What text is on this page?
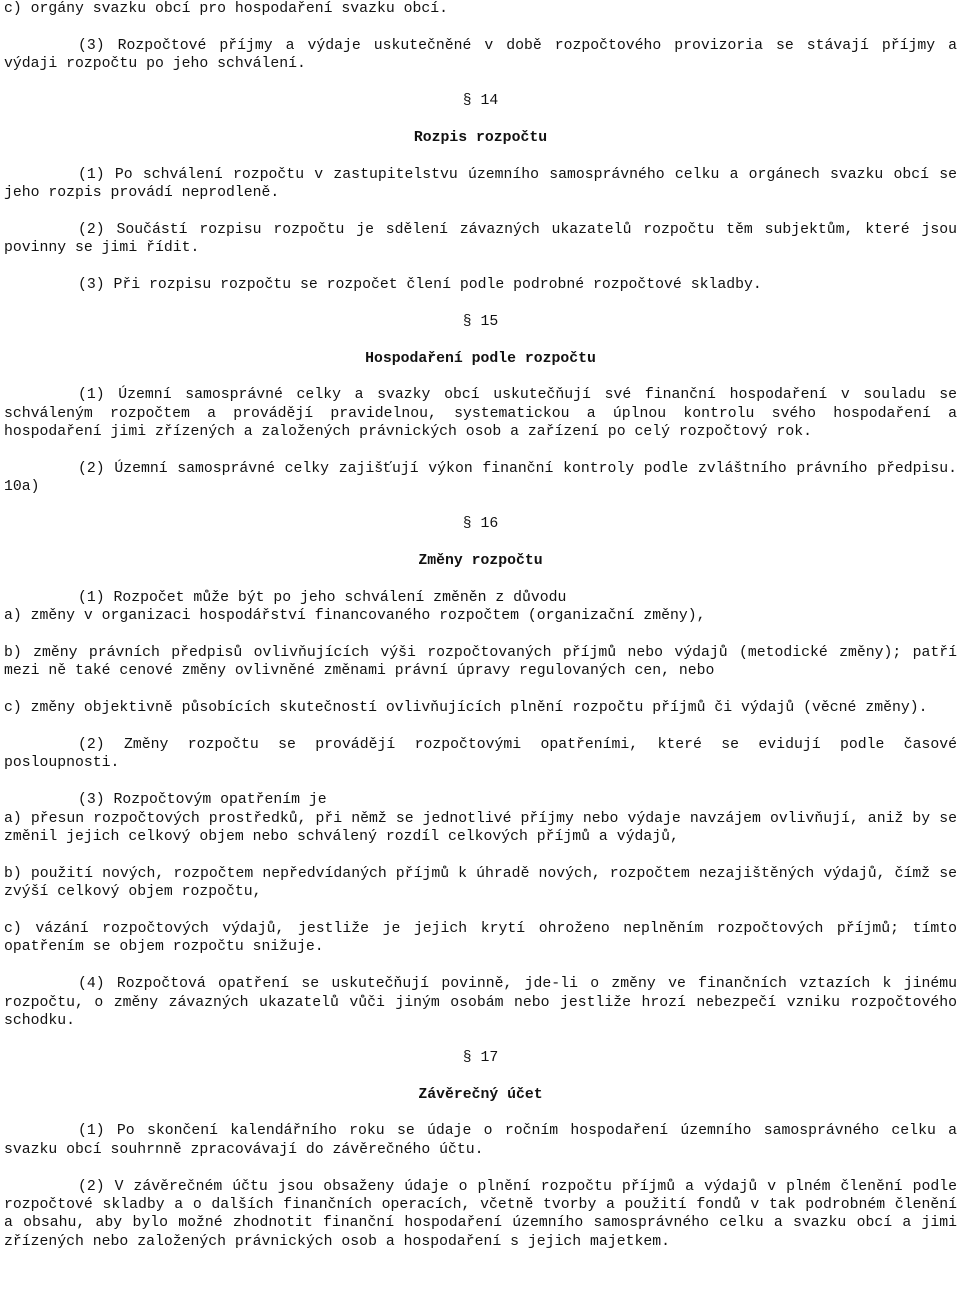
c) orgány svazku obcí pro hospodaření svazku obcí.

(3) Rozpočtové příjmy a výdaje uskutečněné v době rozpočtového provizoria se stávají příjmy a výdaji rozpočtu po jeho schválení.

§ 14

Rozpis rozpočtu

(1) Po schválení rozpočtu v zastupitelstvu územního samosprávného celku a orgánech svazku obcí se jeho rozpis provádí neprodleně.

(2) Součástí rozpisu rozpočtu je sdělení závazných ukazatelů rozpočtu těm subjektům, které jsou povinny se jimi řídit.

(3) Při rozpisu rozpočtu se rozpočet člení podle podrobné rozpočtové skladby.

§ 15

Hospodaření podle rozpočtu

(1) Územní samosprávné celky a svazky obcí uskutečňují své finanční hospodaření v souladu se schváleným rozpočtem a provádějí pravidelnou, systematickou a úplnou kontrolu svého hospodaření a hospodaření jimi zřízených a založených právnických osob a zařízení po celý rozpočtový rok.

(2) Územní samosprávné celky zajišťují výkon finanční kontroly podle zvláštního právního předpisu. 10a)

§ 16

Změny rozpočtu

(1) Rozpočet může být po jeho schválení změněn z důvodu

a) změny v organizaci hospodářství financovaného rozpočtem (organizační změny),

b) změny právních předpisů ovlivňujících výši rozpočtovaných příjmů nebo výdajů (metodické změny); patří mezi ně také cenové změny ovlivněné změnami právní úpravy regulovaných cen, nebo

c) změny objektivně působících skutečností ovlivňujících plnění rozpočtu příjmů či výdajů (věcné změny).

(2) Změny rozpočtu se provádějí rozpočtovými opatřeními, které se evidují podle časové posloupnosti.

(3) Rozpočtovým opatřením je

a) přesun rozpočtových prostředků, při němž se jednotlivé příjmy nebo výdaje navzájem ovlivňují, aniž by se změnil jejich celkový objem nebo schválený rozdíl celkových příjmů a výdajů,

b) použití nových, rozpočtem nepředvídaných příjmů k úhradě nových, rozpočtem nezajištěných výdajů, čímž se zvýší celkový objem rozpočtu,

c) vázání rozpočtových výdajů, jestliže je jejich krytí ohroženo neplněním rozpočtových příjmů; tímto opatřením se objem rozpočtu snižuje.

(4) Rozpočtová opatření se uskutečňují povinně, jde-li o změny ve finančních vztazích k jinému rozpočtu, o změny závazných ukazatelů vůči jiným osobám nebo jestliže hrozí nebezpečí vzniku rozpočtového schodku.

§ 17

Závěrečný účet

(1) Po skončení kalendářního roku se údaje o ročním hospodaření územního samosprávného celku a svazku obcí souhrnně zpracovávají do závěrečného účtu.

(2) V závěrečném účtu jsou obsaženy údaje o plnění rozpočtu příjmů a výdajů v plném členění podle rozpočtové skladby a o dalších finančních operacích, včetně tvorby a použití fondů v tak podrobném členění a obsahu, aby bylo možné zhodnotit finanční hospodaření územního samosprávného celku a svazku obcí a jimi zřízených nebo založených právnických osob a hospodaření s jejich majetkem.
